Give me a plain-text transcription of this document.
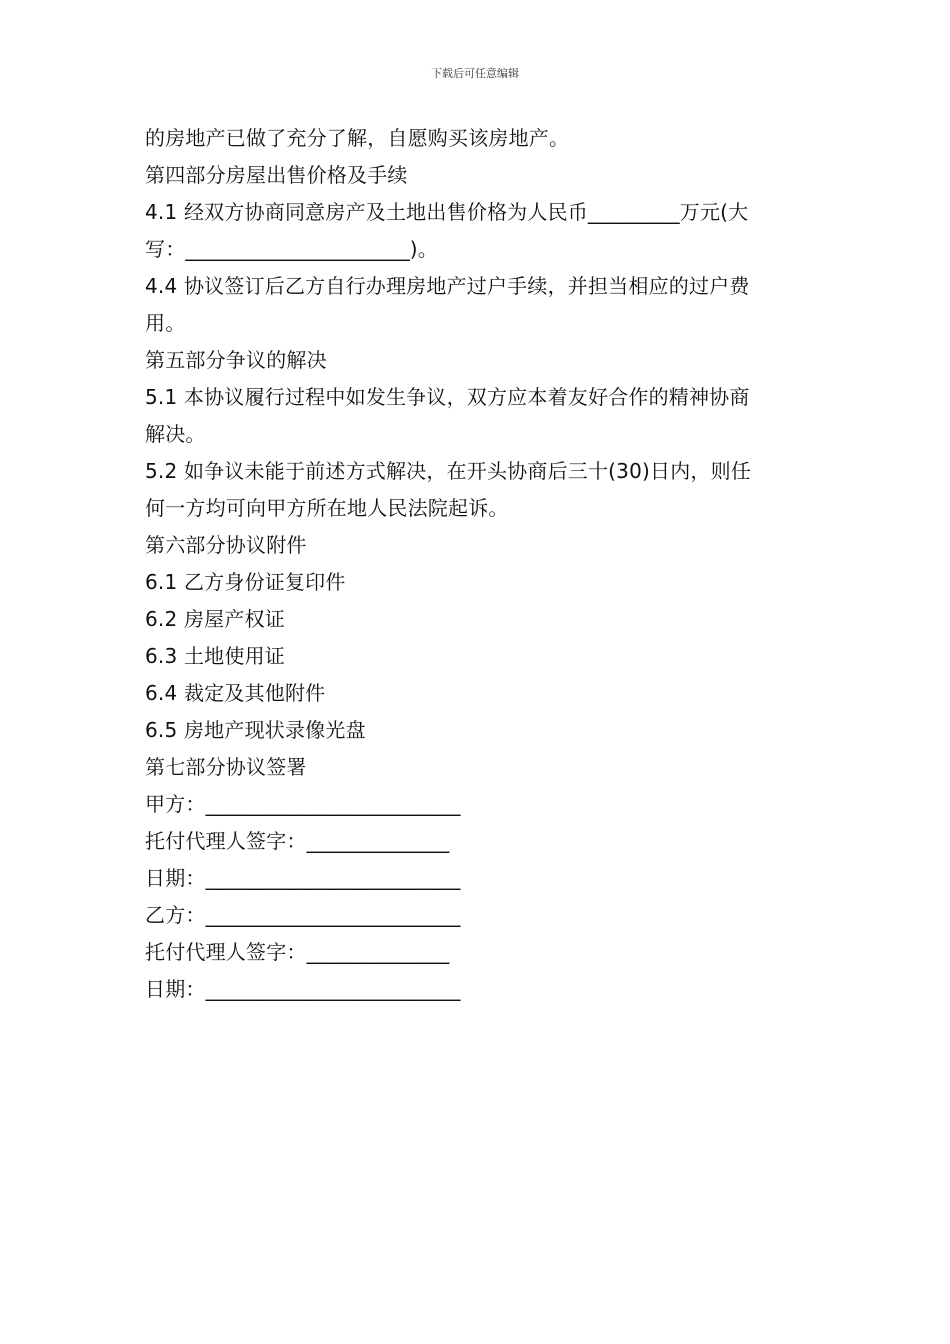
下载后可任意编辑
的房地产已做了充分了解，自愿购买该房地产。
第四部分房屋出售价格及手续
4.1 经双方协商同意房产及土地出售价格为人民币_________万元(大
写：______________________)。
4.4 协议签订后乙方自行办理房地产过户手续，并担当相应的过户费
用。
第五部分争议的解决
5.1 本协议履行过程中如发生争议，双方应本着友好合作的精神协商
解决。
5.2 如争议未能于前述方式解决，在开头协商后三十(30)日内，则任
何一方均可向甲方所在地人民法院起诉。
第六部分协议附件
6.1 乙方身份证复印件
6.2 房屋产权证
6.3 土地使用证
6.4 裁定及其他附件
6.5 房地产现状录像光盘
第七部分协议签署
甲方：_________________________
托付代理人签字：______________
日期：_________________________
乙方：_________________________
托付代理人签字：______________
日期：_________________________
